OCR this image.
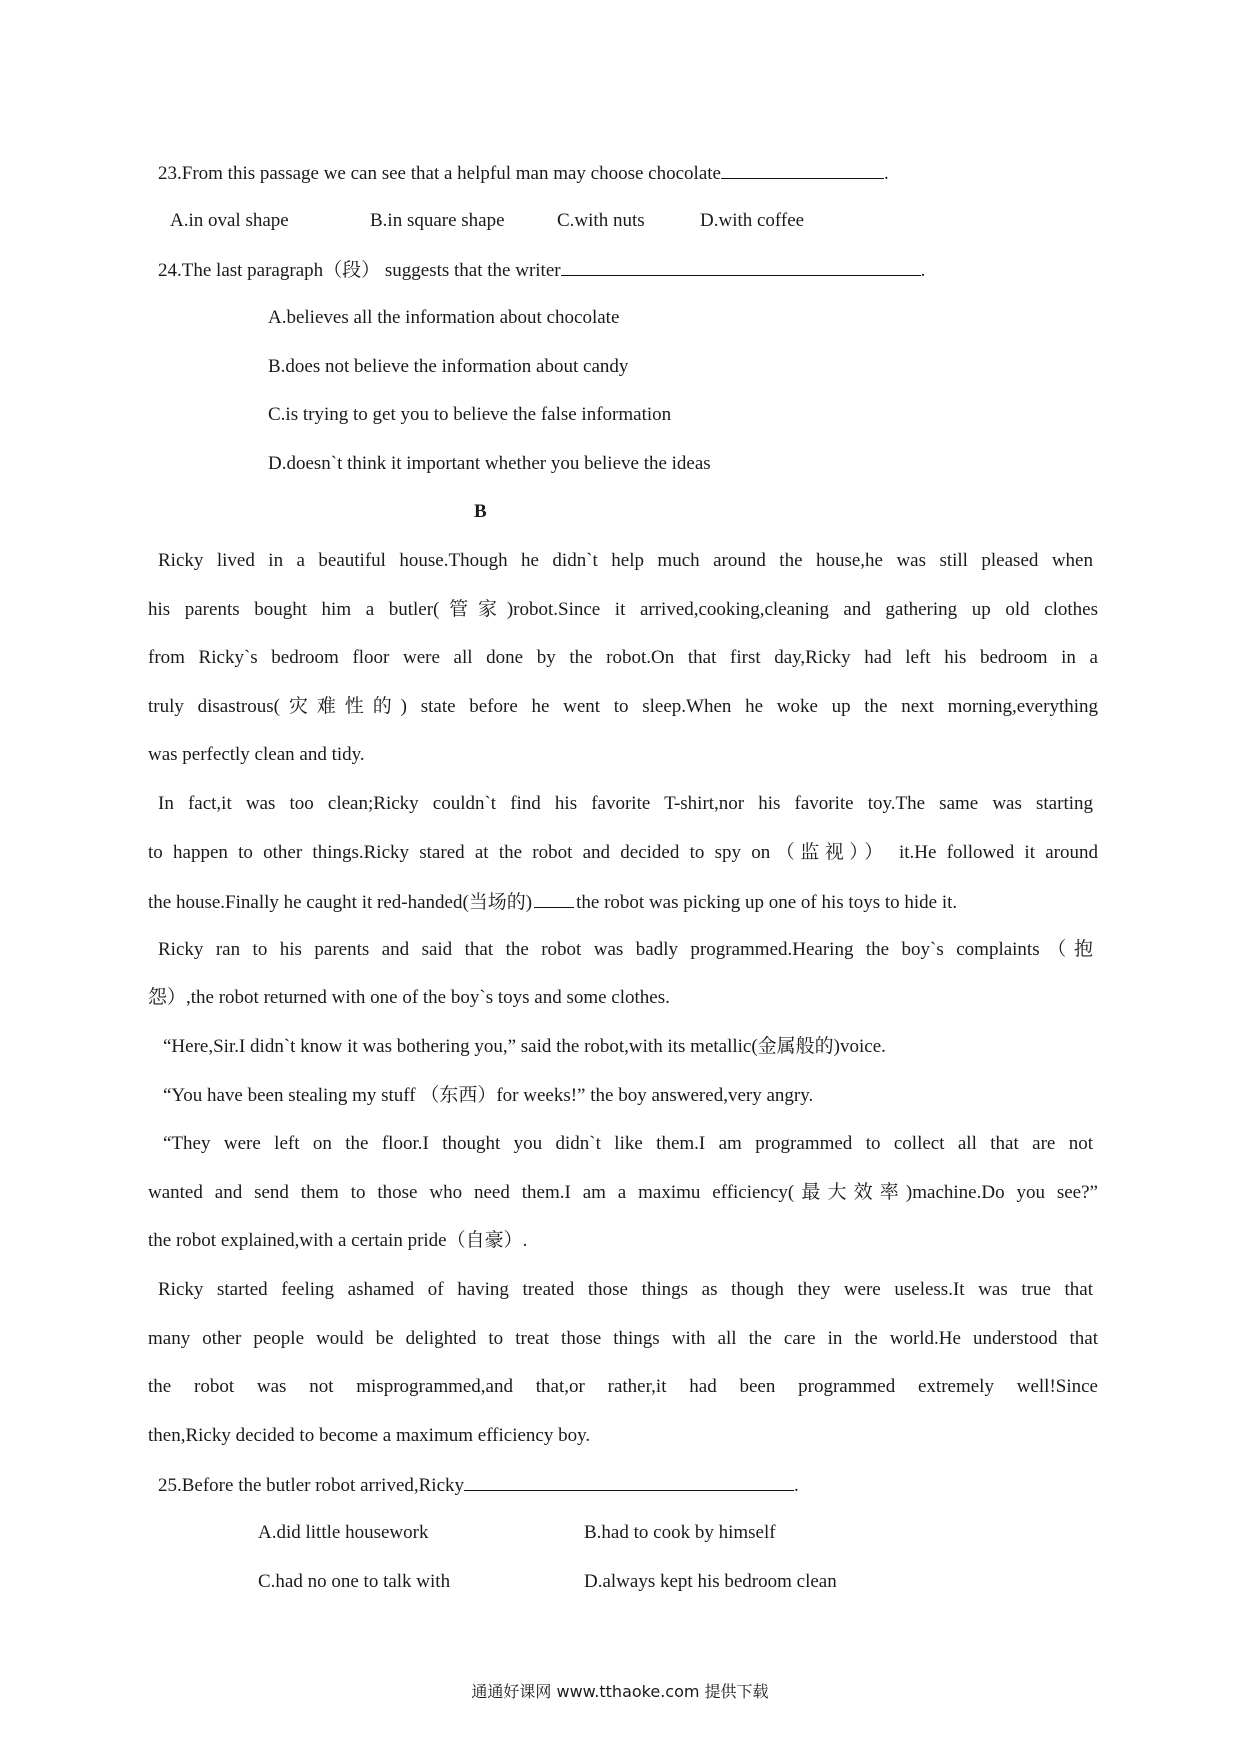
23.From this passage we can see that a helpful man may choose chocolate	.
A.in oval shape	B.in square shape	C.with nuts	D.with coffee
24.The last paragraph（段） suggests that the writer	.
A.believes all the information about chocolate
B.does not believe the information about candy
C.is trying to get you to believe the false information
D.doesn`t think it important whether you believe the ideas
B
Ricky lived in a beautiful house.Though he didn`t help much around the house,he was still pleased when
his parents bought him a butler(管家)robot.Since it arrived,cooking,cleaning and gathering up old clothes
from Ricky`s bedroom floor were all done by the robot.On that first day,Ricky had left his bedroom in a
truly disastrous(灾难性的) state before he went to sleep.When he woke up the next morning,everything
was perfectly clean and tidy.
In fact,it was too clean;Ricky couldn`t find his favorite T-shirt,nor his favorite toy.The same was starting
to happen to other things.Ricky stared at the robot and decided to spy on（监视）） it.He followed it around
the house.Finally he caught it red-handed(当场的) the robot was picking up one of his toys to hide it.
Ricky ran to his parents and said that the robot was badly programmed.Hearing the boy`s complaints（抱
怨）,the robot returned with one of the boy`s toys and some clothes.
“Here,Sir.I didn`t know it was bothering you,” said the robot,with its metallic(金属般的)voice.
“You have been stealing my stuff （东西）for weeks!” the boy answered,very angry.
“They were left on the floor.I thought you didn`t like them.I am programmed to collect all that are not
wanted and send them to those who need them.I am a maximu efficiency(最大效率)machine.Do you see?”
the robot explained,with a certain pride（自豪）.
Ricky started feeling ashamed of having treated those things as though they were useless.It was true that
many other people would be delighted to treat those things with all the care in the world.He understood that
the robot was not misprogrammed,and that,or rather,it had been programmed extremely well!Since
then,Ricky decided to become a maximum efficiency boy.
25.Before the butler robot arrived,Ricky	.
A.did little housework	B.had to cook by himself
C.had no one to talk with	D.always kept his bedroom clean
通通好课网 www.tthaoke.com 提供下载
